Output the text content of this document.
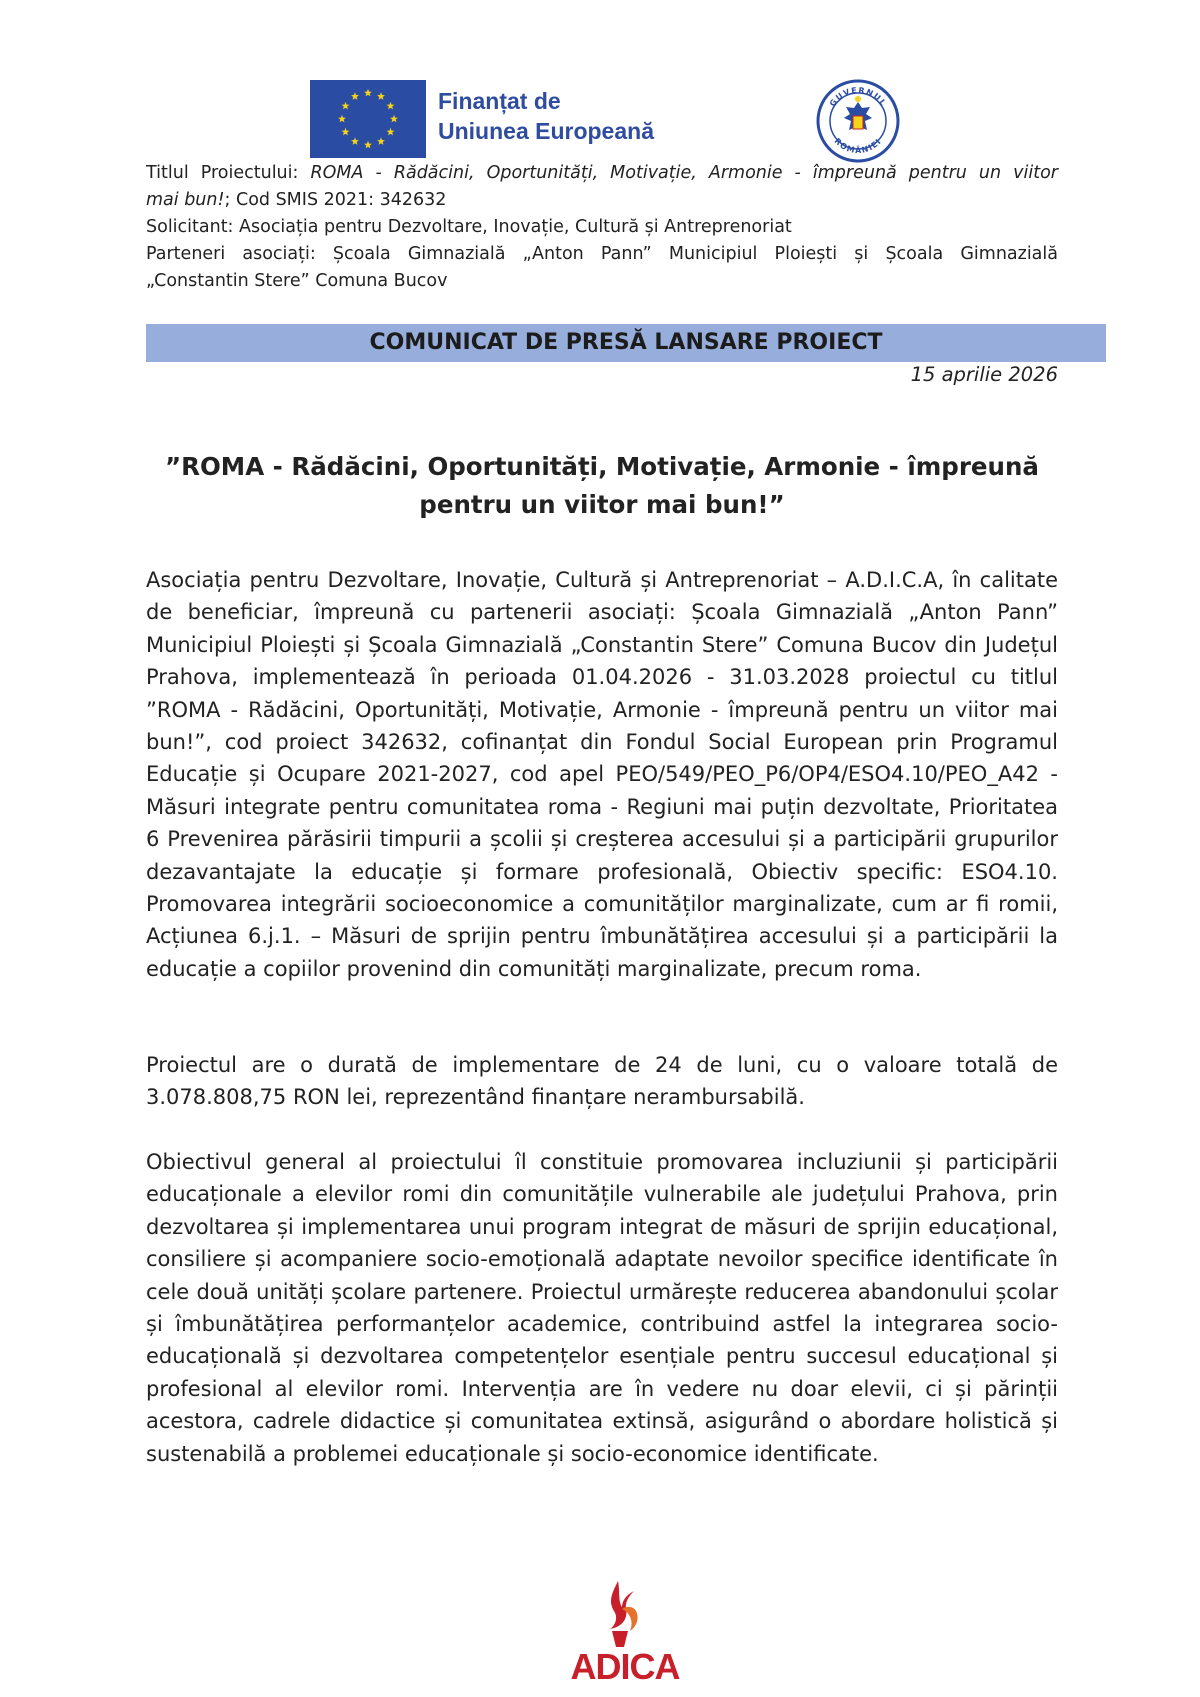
Finanțat de
Uniunea Europeană
GUVERNUL
ROMÂNIEI

Titlul Proiectului: ROMA - Rădăcini, Oportunități, Motivație, Armonie - împreună pentru un viitor

mai bun!; Cod SMIS 2021: 342632

Solicitant: Asociația pentru Dezvoltare, Inovație, Cultură și Antreprenoriat

Parteneri asociați: Școala Gimnazială „Anton Pann” Municipiul Ploiești și Școala Gimnazială

„Constantin Stere” Comuna Bucov

COMUNICAT DE PRESĂ LANSARE PROIECT
15 aprilie 2026
”ROMA - Rădăcini, Oportunități, Motivație, Armonie - împreună
pentru un viitor mai bun!”

Asociația pentru Dezvoltare, Inovație, Cultură și Antreprenoriat – A.D.I.C.A, în calitate de beneficiar, împreună cu partenerii asociați: Școala Gimnazială „Anton Pann” Municipiul Ploiești și Școala Gimnazială „Constantin Stere” Comuna Bucov din Județul Prahova, implementează în perioada 01.04.2026 - 31.03.2028 proiectul cu titlul ”ROMA - Rădăcini, Oportunități, Motivație, Armonie - împreună pentru un viitor mai bun!”, cod proiect 342632, cofinanțat din Fondul Social European prin Programul Educație și Ocupare 2021-2027, cod apel PEO/549/PEO_P6/OP4/ESO4.10/PEO_A42 - Măsuri integrate pentru comunitatea roma - Regiuni mai puțin dezvoltate, Prioritatea 6 Prevenirea părăsirii timpurii a școlii și creșterea accesului și a participării grupurilor dezavantajate la educație și formare profesională, Obiectiv specific: ESO4.10. Promovarea integrării socioeconomice a comunităților marginalizate, cum ar fi romii, Acțiunea 6.j.1. – Măsuri de sprijin pentru îmbunătățirea accesului și a participării la educație a copiilor provenind din comunități marginalizate, precum roma.

Proiectul are o durată de implementare de 24 de luni, cu o valoare totală de 3.078.808,75 RON lei, reprezentând finanțare nerambursabilă.

Obiectivul general al proiectului îl constituie promovarea incluziunii și participării educaționale a elevilor romi din comunitățile vulnerabile ale județului Prahova, prin dezvoltarea și implementarea unui program integrat de măsuri de sprijin educațional, consiliere și acompaniere socio-emoțională adaptate nevoilor specifice identificate în cele două unități școlare partenere. Proiectul urmărește reducerea abandonului școlar și îmbunătățirea performanțelor academice, contribuind astfel la integrarea socio-educațională și dezvoltarea competențelor esențiale pentru succesul educațional și profesional al elevilor romi. Intervenția are în vedere nu doar elevii, ci și părinții acestora, cadrele didactice și comunitatea extinsă, asigurând o abordare holistică și sustenabilă a problemei educaționale și socio-economice identificate.

ADICA
